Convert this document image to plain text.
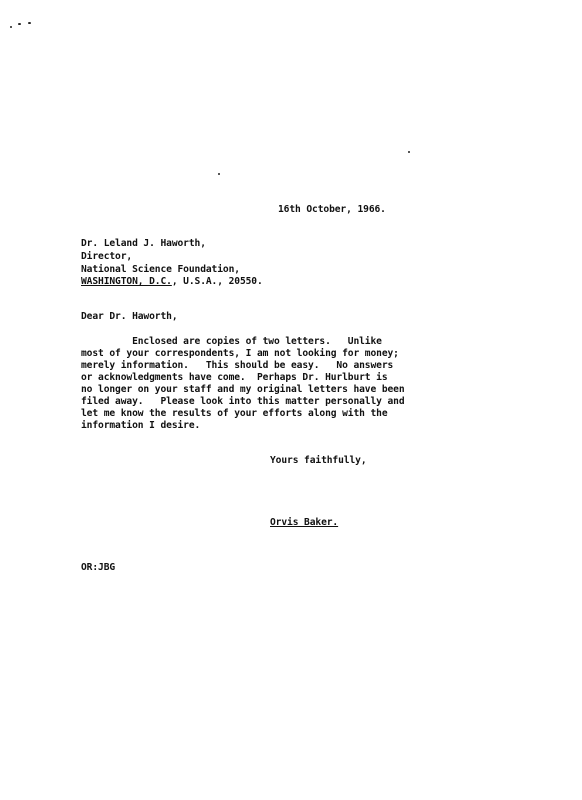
16th October, 1966.
Dr. Leland J. Haworth,
Director,
National Science Foundation,
WASHINGTON, D.C., U.S.A., 20550.
Dear Dr. Haworth,
Enclosed are copies of two letters.   Unlike
most of your correspondents, I am not looking for money;
merely information.   This should be easy.   No answers
or acknowledgments have come.  Perhaps Dr. Hurlburt is
no longer on your staff and my original letters have been
filed away.   Please look into this matter personally and
let me know the results of your efforts along with the
information I desire.
Yours faithfully,
Orvis Baker.
OR:JBG
